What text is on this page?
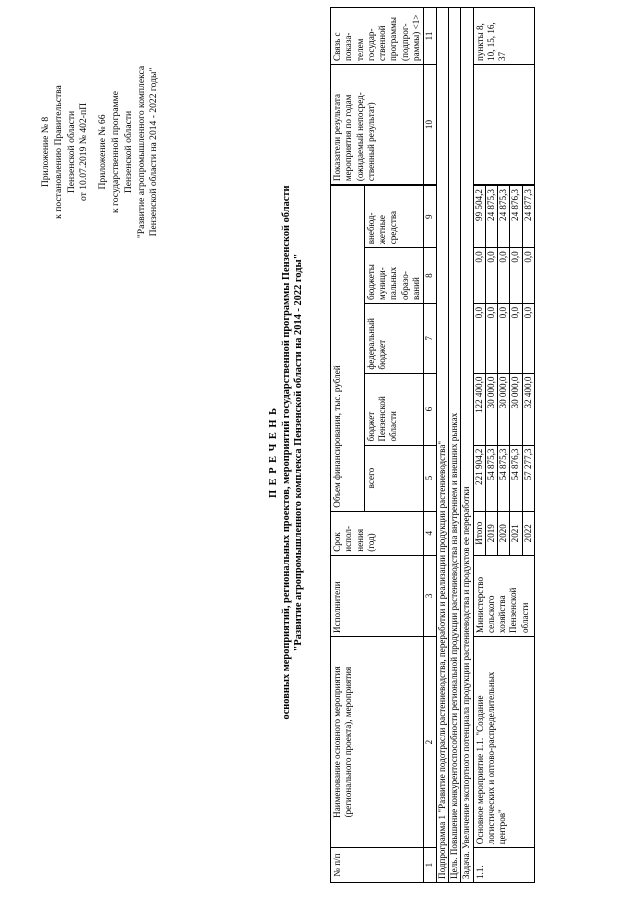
Приложение № 8 к постановлению Правительства Пензенской области от 10.07.2019 № 402-пП Приложение № 66 к государственной программе Пензенской области "Развитие агропромышленного комплекса Пензенской области на 2014 - 2022 годы"
П Е Р Е Ч Е Н Ь основных мероприятий, региональных проектов, мероприятий государственной программы Пензенской области "Развитие агропромышленного комплекса Пензенской области на 2014 - 2022 годы"
№ п/п	Наименование основного мероприятия (регионального проекта), мероприятия	Исполнители	Срок испол- нения (год)	Объем финансирования, тыс. рублей					Показатели результата мероприятия по годам (ожидаемый непосред- ственный результат)	Связь с показа- телем государ- ственной программы (подпрог- раммы) <1>
				всего	бюджет Пензенской области	федеральный бюджет	бюджеты муници- пальных образо- ваний	внебюд- жетные средства		
1	2	3	4	5	6	7	8	9	10	11
Подпрограмма 1 "Развитие подотрасли растениеводства, переработки и реализации продукции растениеводства"										
Цель. Повышение конкурентоспособности региональной продукции растениеводства на внутреннем и внешних рынках										
Задача. Увеличение экспортного потенциала продукции растениеводства и продуктов ее переработки										
1.1.	Основное мероприятие 1.1. "Создание логистических и оптово-распределительных центров"	Министерство сельского хозяйства Пензенской области	Итого	221 904,2	122 400,0	0,0	0,0	99 504,2		пункты 8, 10, 15, 16, 37
			2019	54 875,3	30 000,0	0,0	0,0	24 875,3		
			2020	54 875,3	30 000,0	0,0	0,0	24 875,3		
			2021	54 876,3	30 000,0	0,0	0,0	24 876,3		
			2022	57 277,3	32 400,0	0,0	0,0	24 877,3		
